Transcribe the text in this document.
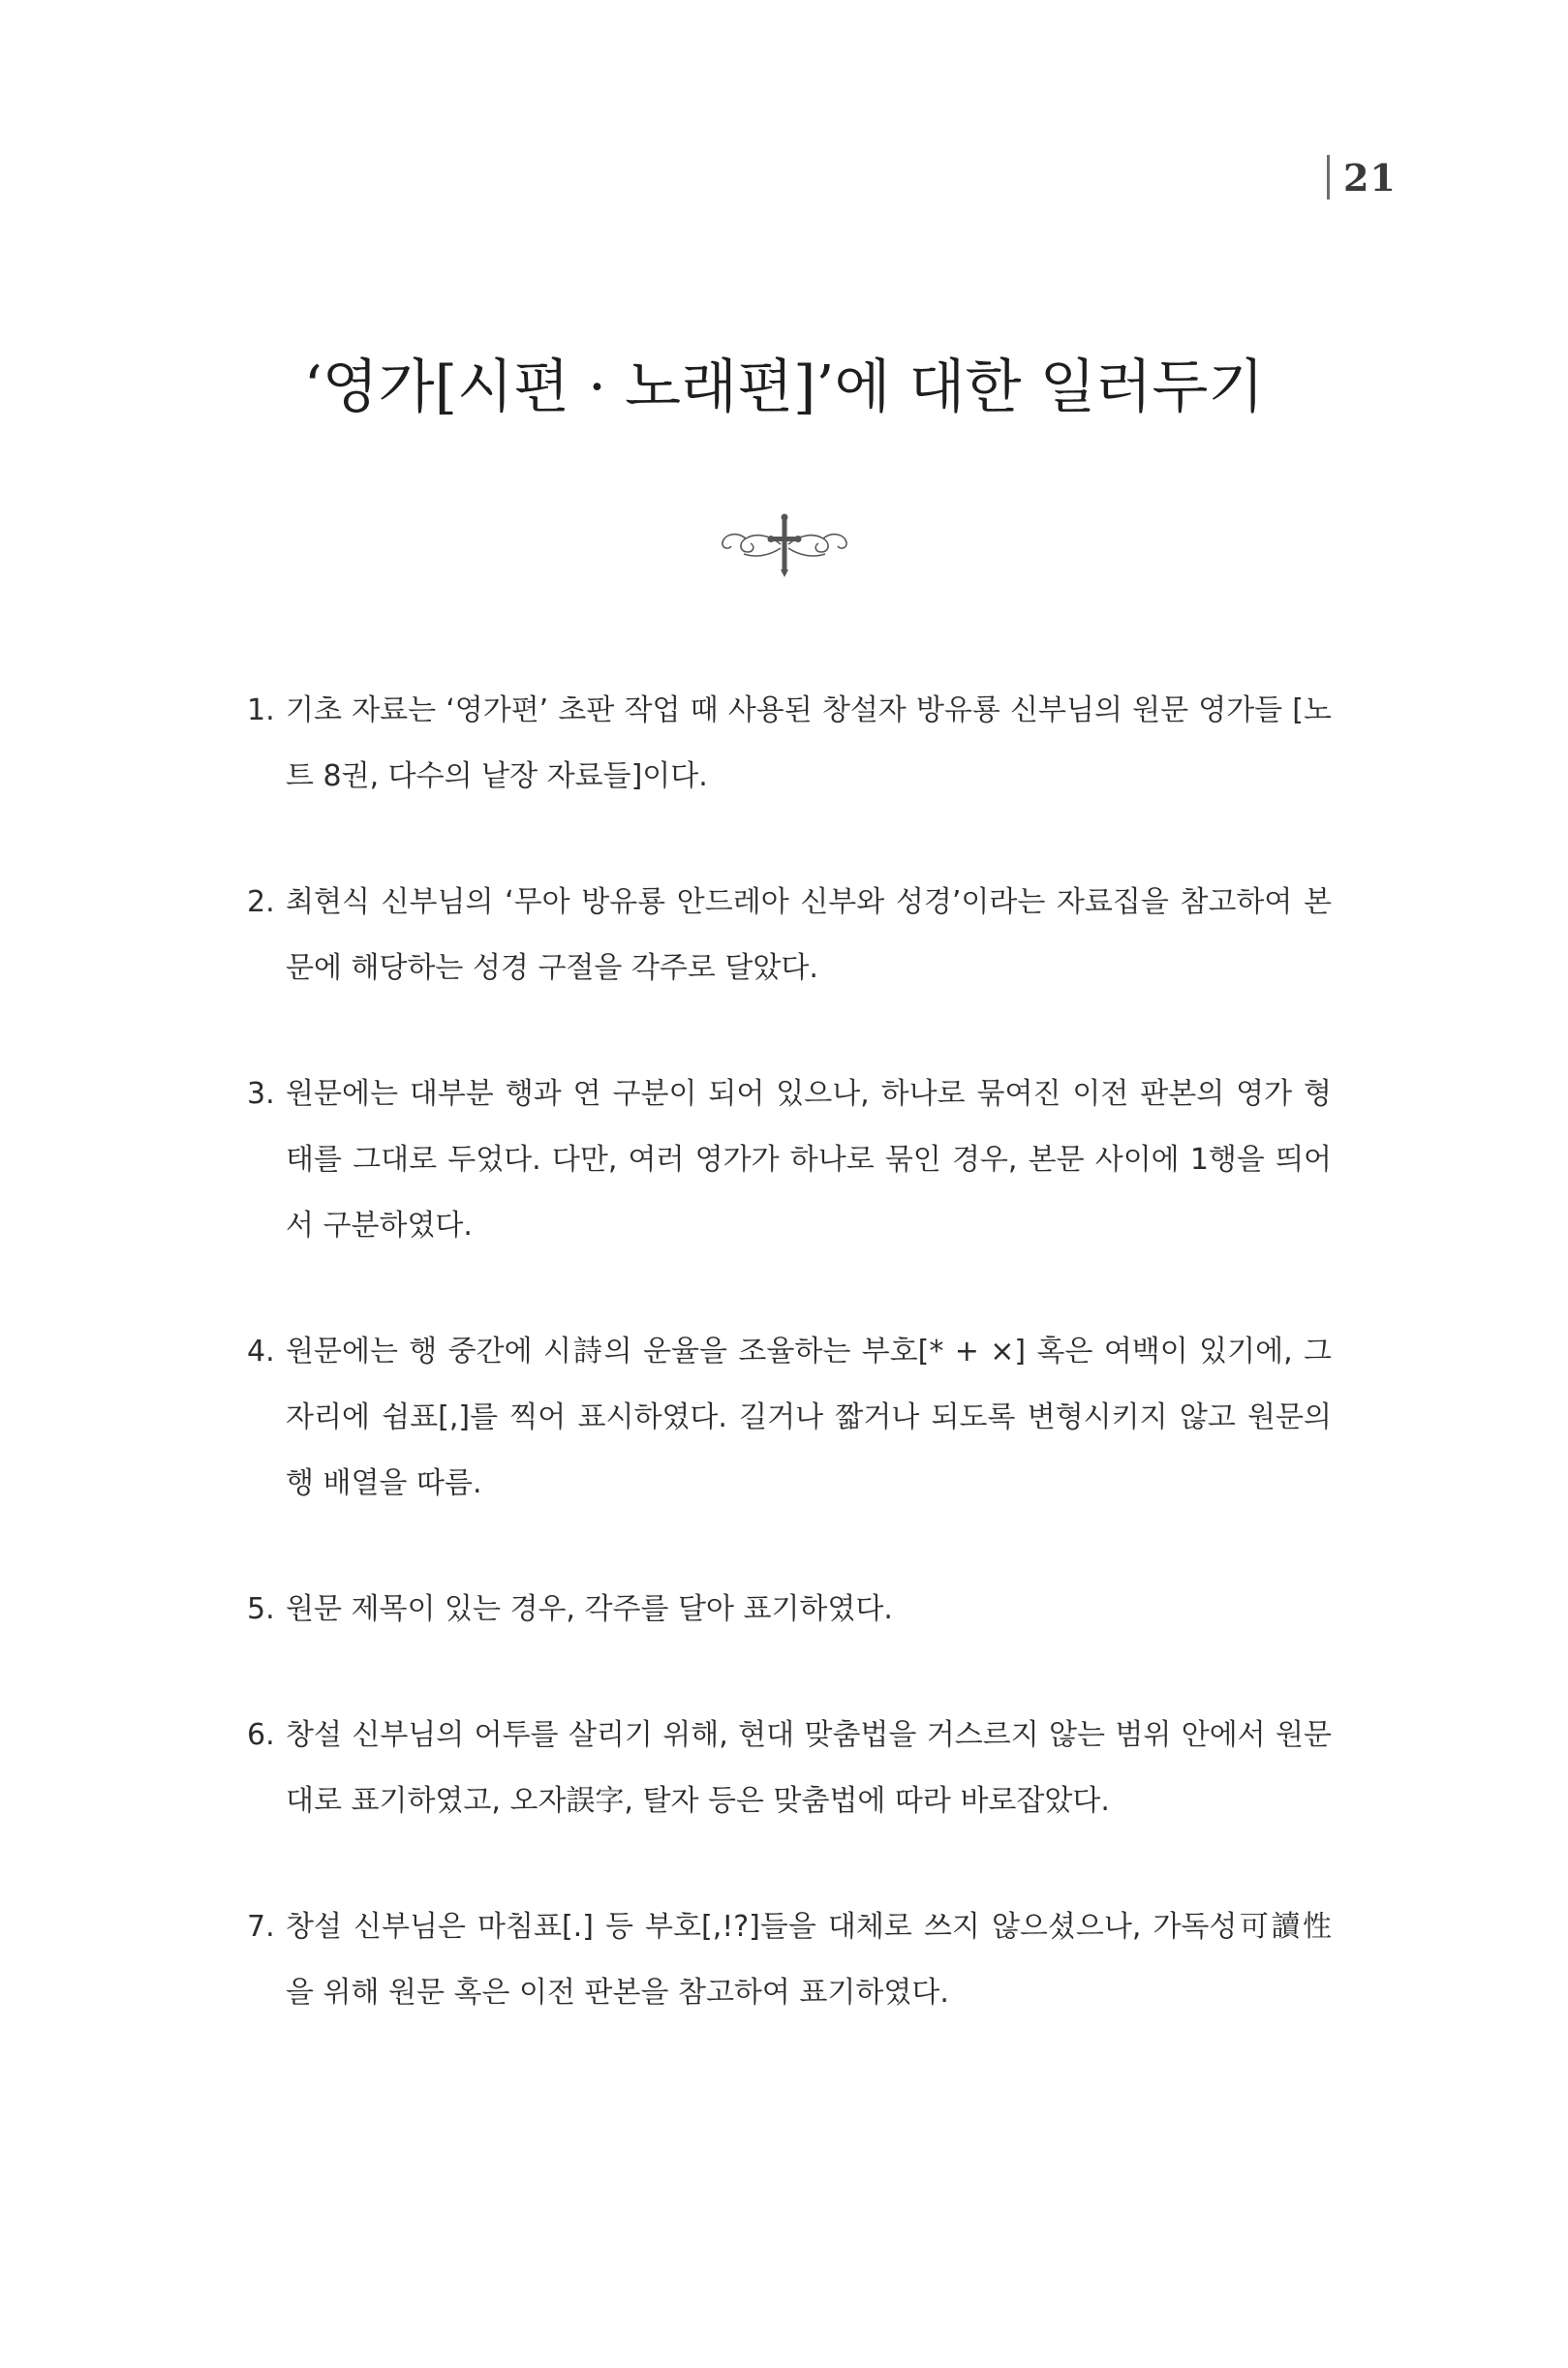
21
‘영가[시편 · 노래편]’에 대한 일러두기
1. 기초 자료는 ‘영가편’ 초판 작업 때 사용된 창설자 방유룡 신부님의 원문 영가들 [노트 8권, 다수의 낱장 자료들]이다.
2. 최현식 신부님의 ‘무아 방유룡 안드레아 신부와 성경’이라는 자료집을 참고하여 본문에 해당하는 성경 구절을 각주로 달았다.
3. 원문에는 대부분 행과 연 구분이 되어 있으나, 하나로 묶여진 이전 판본의 영가 형태를 그대로 두었다. 다만, 여러 영가가 하나로 묶인 경우, 본문 사이에 1행을 띄어서 구분하였다.
4. 원문에는 행 중간에 시詩의 운율을 조율하는 부호[* + ×] 혹은 여백이 있기에, 그 자리에 쉼표[,]를 찍어 표시하였다. 길거나 짧거나 되도록 변형시키지 않고 원문의 행 배열을 따름.
5. 원문 제목이 있는 경우, 각주를 달아 표기하였다.
6. 창설 신부님의 어투를 살리기 위해, 현대 맞춤법을 거스르지 않는 범위 안에서 원문대로 표기하였고, 오자誤字, 탈자 등은 맞춤법에 따라 바로잡았다.
7. 창설 신부님은 마침표[.] 등 부호[,!?]들을 대체로 쓰지 않으셨으나, 가독성可讀性을 위해 원문 혹은 이전 판본을 참고하여 표기하였다.
